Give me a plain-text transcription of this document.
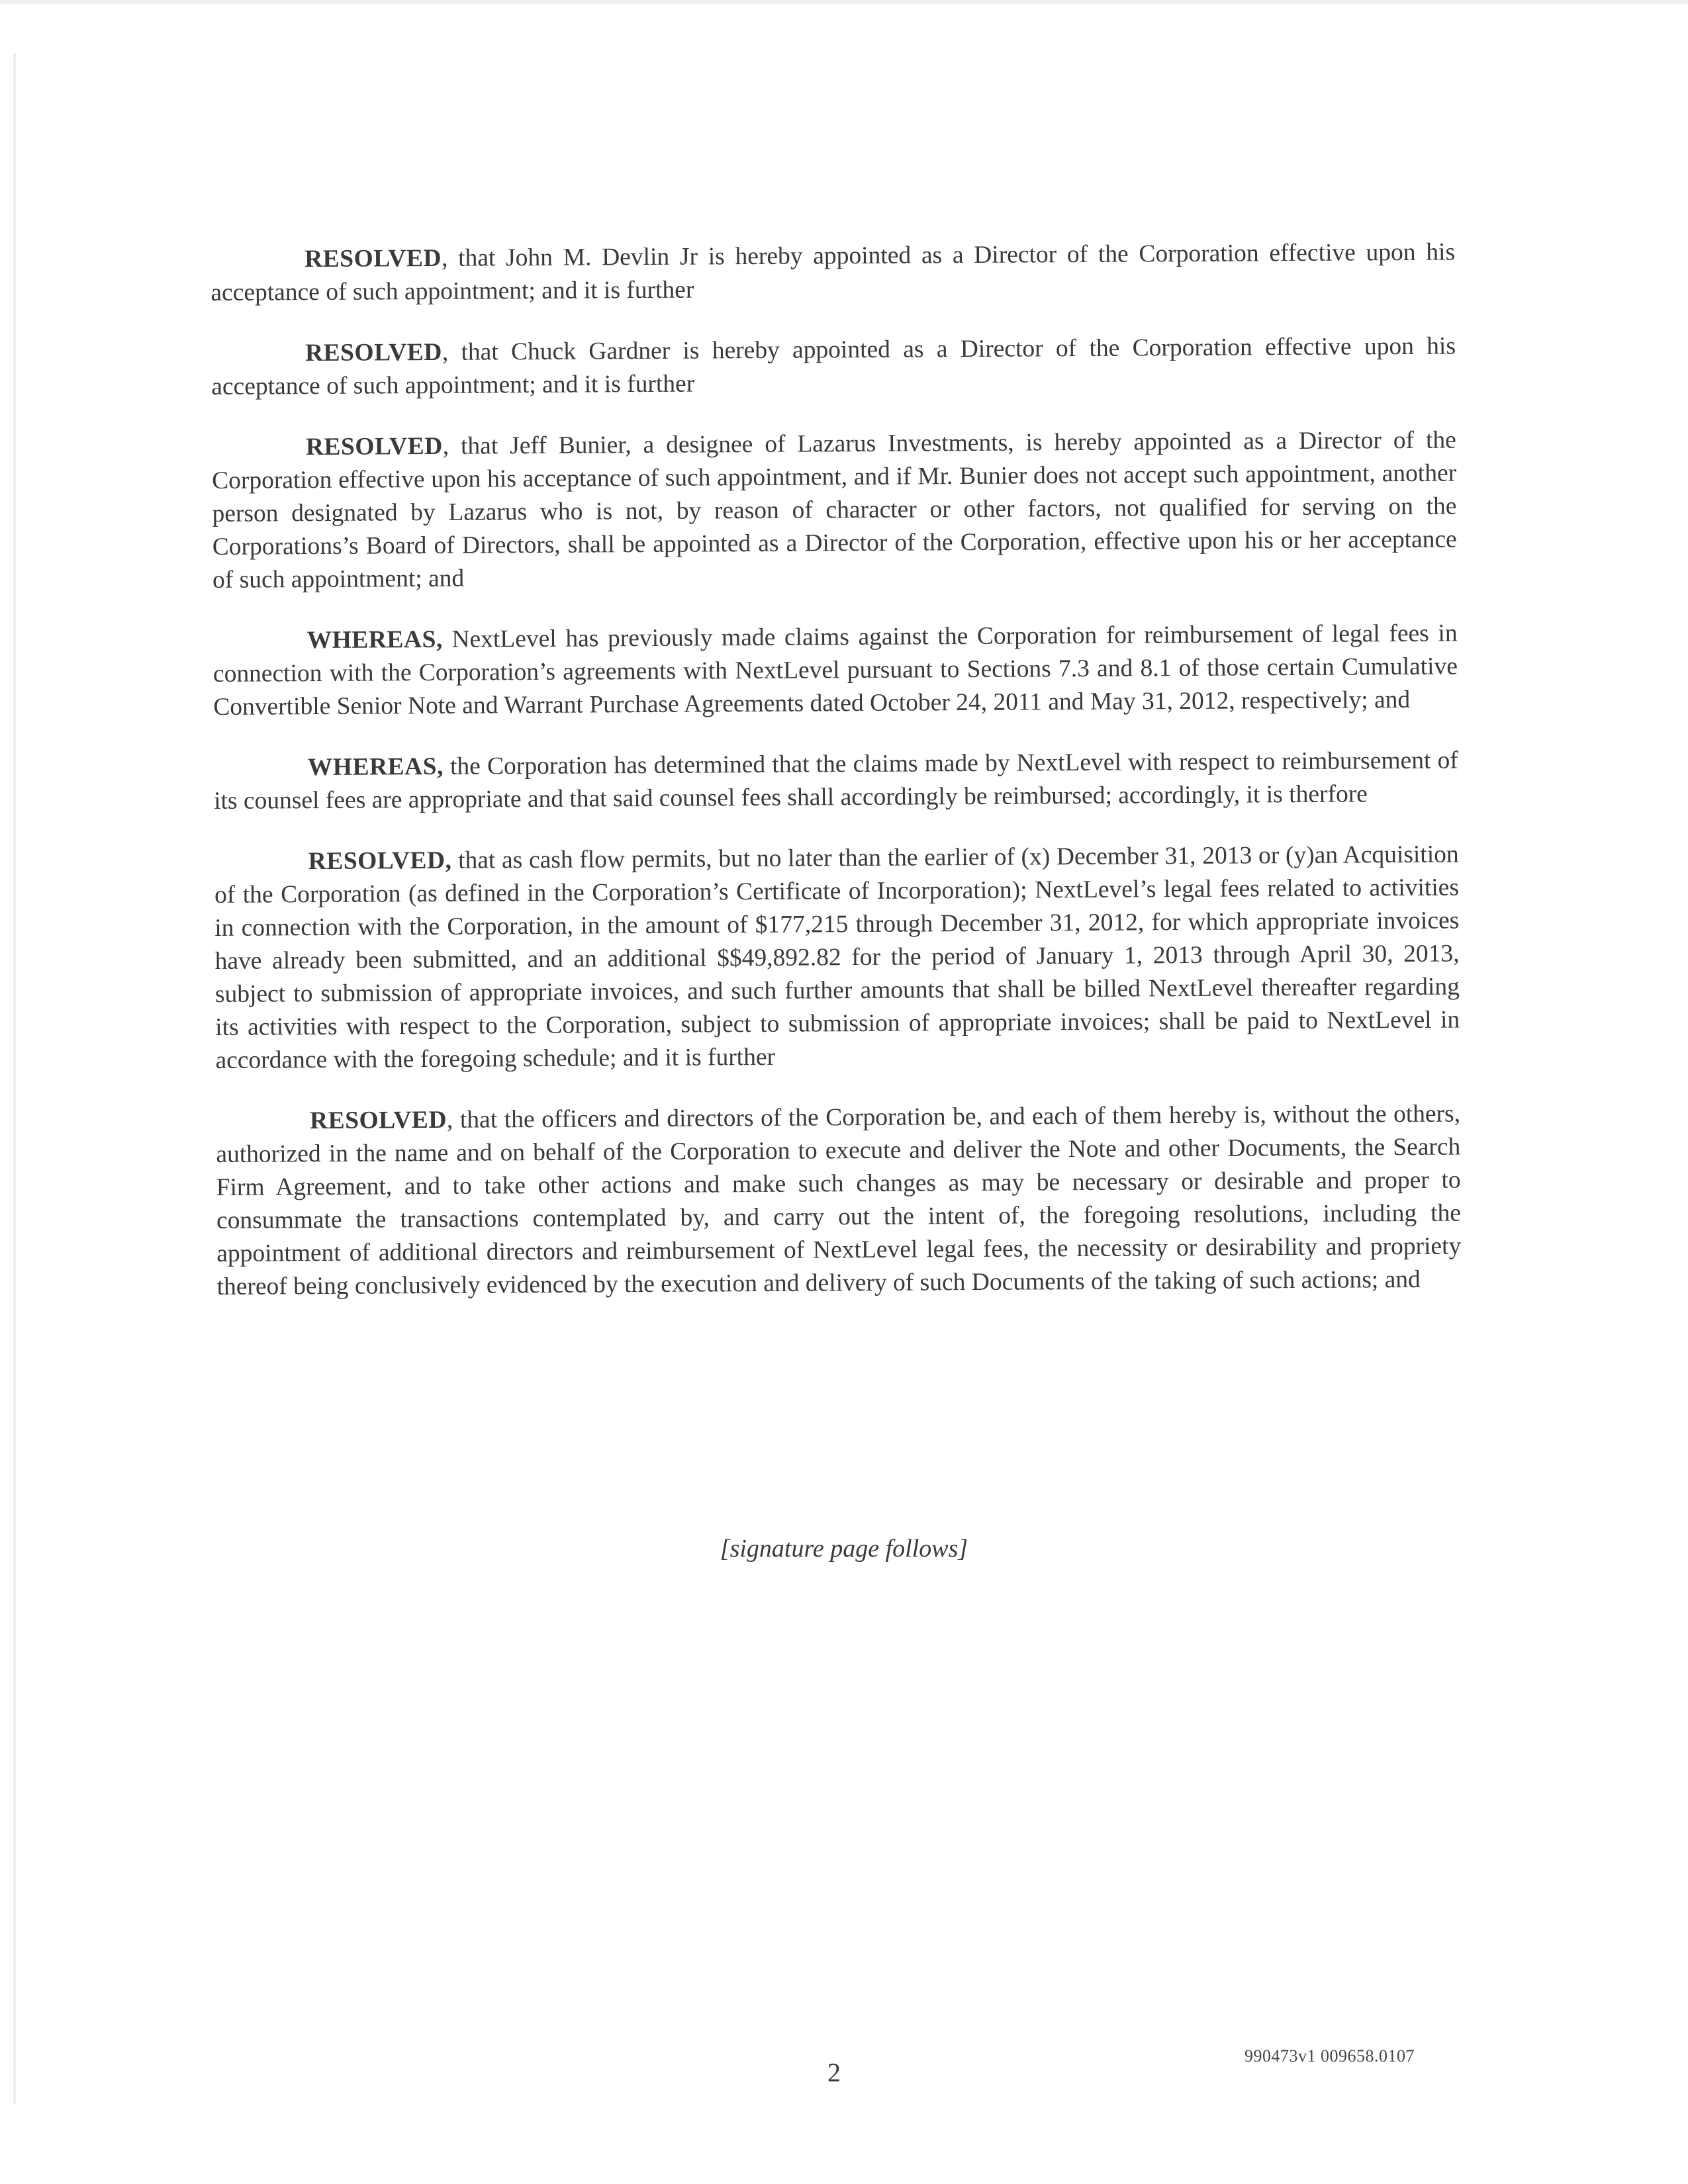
RESOLVED, that John M. Devlin Jr is hereby appointed as a Director of the Corporation effective upon his acceptance of such appointment; and it is further

RESOLVED, that Chuck Gardner is hereby appointed as a Director of the Corporation effective upon his acceptance of such appointment; and it is further

RESOLVED, that Jeff Bunier, a designee of Lazarus Investments, is hereby appointed as a Director of the Corporation effective upon his acceptance of such appointment, and if Mr. Bunier does not accept such appointment, another person designated by Lazarus who is not, by reason of character or other factors, not qualified for serving on the Corporations’s Board of Directors, shall be appointed as a Director of the Corporation, effective upon his or her acceptance of such appointment; and

WHEREAS, NextLevel has previously made claims against the Corporation for reimbursement of legal fees in connection with the Corporation’s agreements with NextLevel pursuant to Sections 7.3 and 8.1 of those certain Cumulative Convertible Senior Note and Warrant Purchase Agreements dated October 24, 2011 and May 31, 2012, respectively; and

WHEREAS, the Corporation has determined that the claims made by NextLevel with respect to reimbursement of its counsel fees are appropriate and that said counsel fees shall accordingly be reimbursed; accordingly, it is therfore

RESOLVED, that as cash flow permits, but no later than the earlier of (x) December 31, 2013 or (y)an Acquisition of the Corporation (as defined in the Corporation’s Certificate of Incorporation); NextLevel’s legal fees related to activities in connection with the Corporation, in the amount of $177,215 through December 31, 2012, for which appropriate invoices have already been submitted, and an additional $$49,892.82 for the period of January 1, 2013 through April 30, 2013, subject to submission of appropriate invoices, and such further amounts that shall be billed NextLevel thereafter regarding its activities with respect to the Corporation, subject to submission of appropriate invoices; shall be paid to NextLevel in accordance with the foregoing schedule; and it is further

RESOLVED, that the officers and directors of the Corporation be, and each of them hereby is, without the others, authorized in the name and on behalf of the Corporation to execute and deliver the Note and other Documents, the Search Firm Agreement, and to take other actions and make such changes as may be necessary or desirable and proper to consummate the transactions contemplated by, and carry out the intent of, the foregoing resolutions, including the appointment of additional directors and reimbursement of NextLevel legal fees, the necessity or desirability and propriety thereof being conclusively evidenced by the execution and delivery of such Documents of the taking of such actions; and

[signature page follows]
2
990473v1 009658.0107
